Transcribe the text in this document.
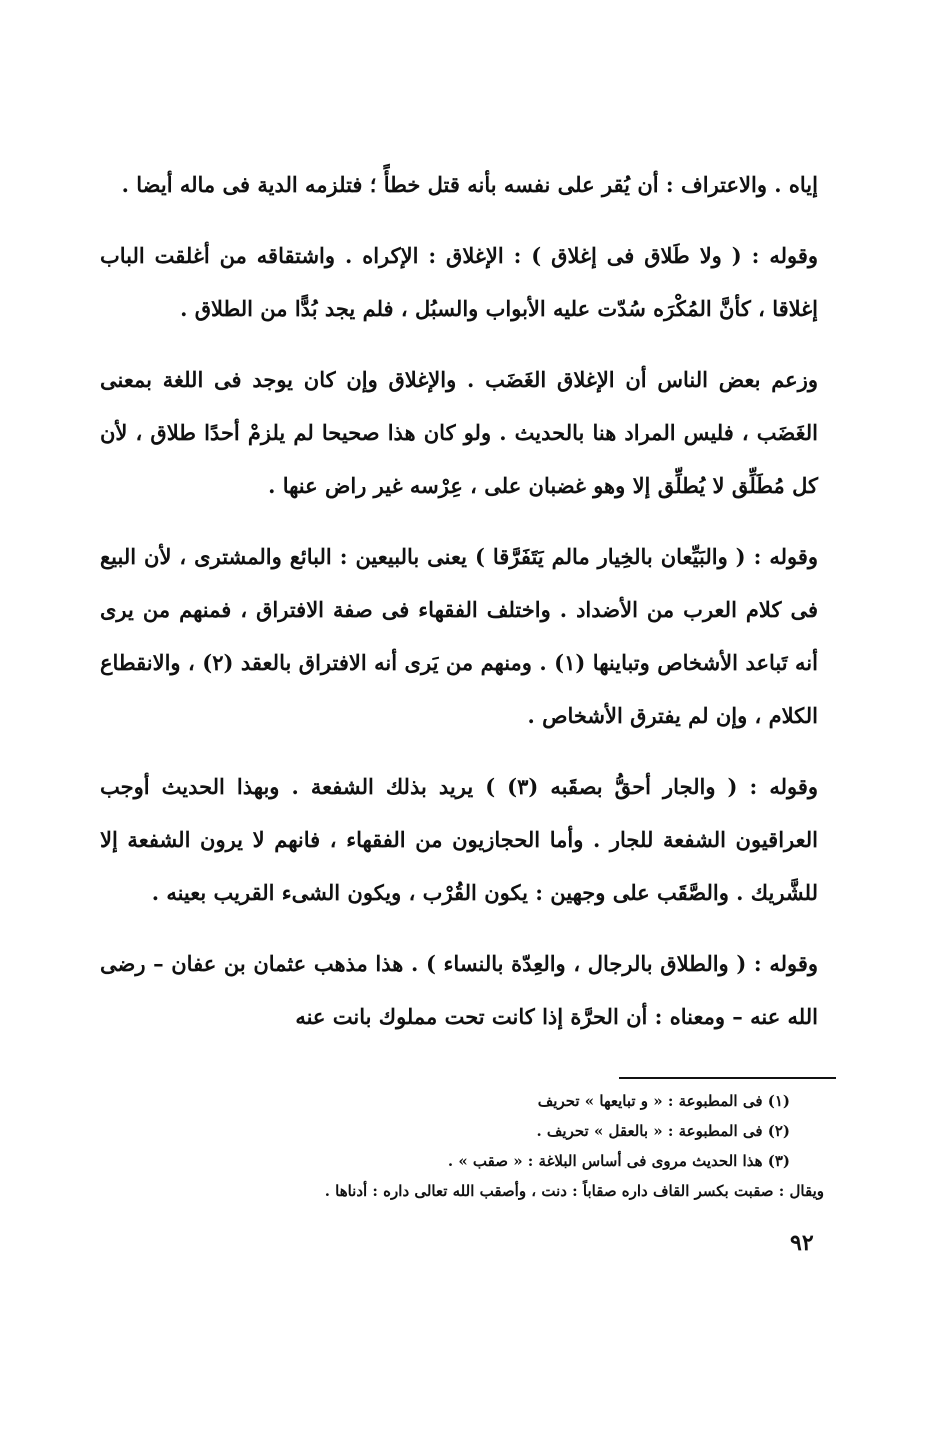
إياه . والاعتراف : أن يُقر على نفسه بأنه قتل خطأً ؛ فتلزمه الدية فى ماله أيضا .

وقوله : ( ولا طَلاق فى إغلاق ) : الإغلاق : الإكراه . واشتقاقه من أغلقت الباب إغلاقا ، كأنَّ المُكْرَه سُدّت عليه الأبواب والسبُل ، فلم يجد بُدًّا من الطلاق .

وزعم بعض الناس أن الإغلاق الغَضَب . والإغلاق وإن كان يوجد فى اللغة بمعنى الغَضَب ، فليس المراد هنا بالحديث . ولو كان هذا صحيحا لم يلزمْ أحدًا طلاق ، لأن كل مُطَلِّق لا يُطلِّق إلا وهو غضبان على ، عِرْسه غير راض عنها .

وقوله : ( والبَيِّعان بالخِيار مالم يَتَفَرَّقا ) يعنى بالبيعين : البائع والمشترى ، لأن البيع فى كلام العرب من الأضداد . واختلف الفقهاء فى صفة الافتراق ، فمنهم من يرى أنه تَباعد الأشخاص وتباينها (١) . ومنهم من يَرى أنه الافتراق بالعقد (٢) ، والانقطاع الكلام ، وإن لم يفترق الأشخاص .

وقوله : ( والجار أحقُّ بصقَبه (٣) ) يريد بذلك الشفعة . وبهذا الحديث أوجب العراقيون الشفعة للجار . وأما الحجازيون من الفقهاء ، فانهم لا يرون الشفعة إلا للشَّريك . والصَّقَب على وجهين : يكون القُرْب ، ويكون الشىء القريب بعينه .

وقوله : ( والطلاق بالرجال ، والعِدّة بالنساء ) . هذا مذهب عثمان بن عفان – رضى الله عنه – ومعناه : أن الحرَّة إذا كانت تحت مملوك بانت عنه

(١) فى المطبوعة : « و تبايعها » تحريف

(٢) فى المطبوعة : « بالعقل » تحريف .

(٣) هذا الحديث مروى فى أساس البلاغة : « صقب » .

ويقال : صقبت بكسر القاف داره صقاباً : دنت ، وأصقب الله تعالى داره : أدناها .

٩٢
